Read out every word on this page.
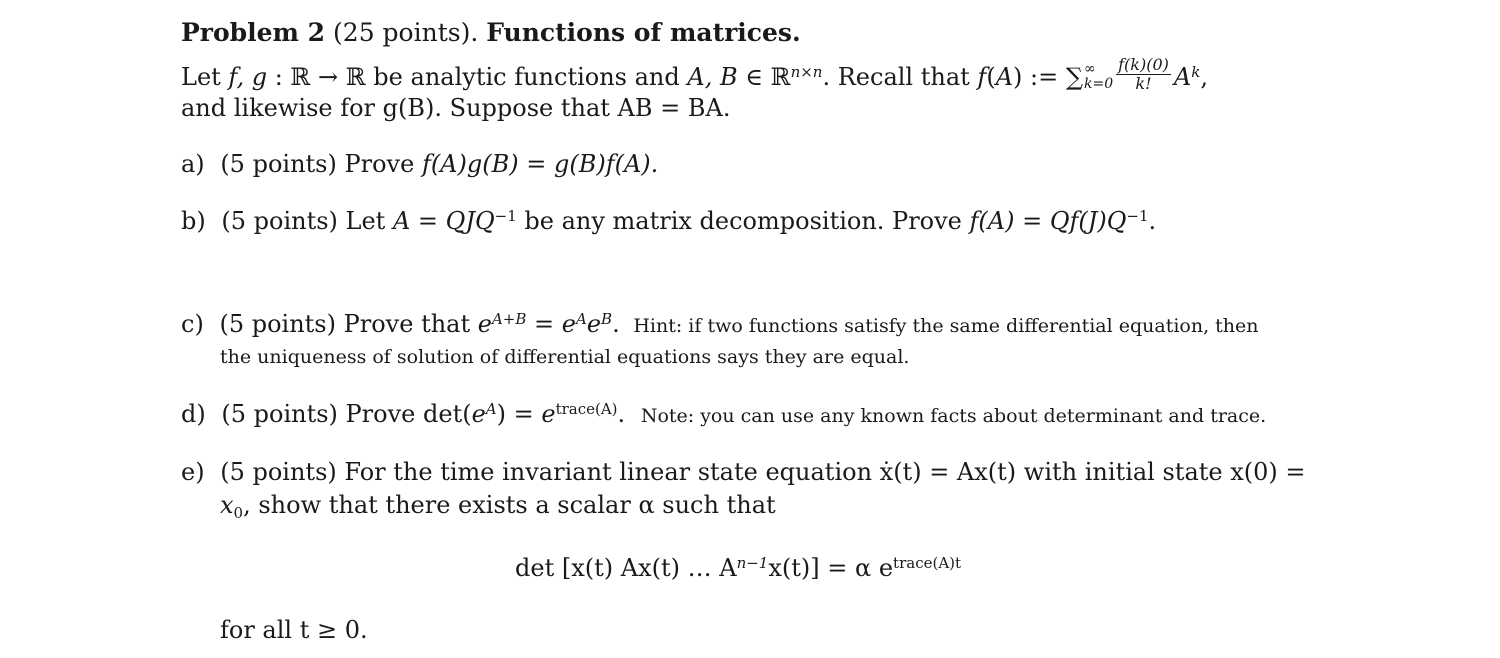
Problem 2 (25 points). Functions of matrices.
Let f, g : ℝ → ℝ be analytic functions and A, B ∈ ℝ$^{n\times n}$. Recall that f(A) := ∑ ∞
$k=0 \frac{f(k)(0)}{k!} A^k$,
and likewise for g(B). Suppose that AB = BA.
a) (5 points) Prove f(A)g(B) = g(B)f(A).
b) (5 points) Let $A = QJQ^{-1}$ be any matrix decomposition. Prove $f(A) = Qf(J)Q^{-1}$.
c) (5 points) Prove that $e^{A+B} = e^Ae^B$. Hint: if two functions satisfy the same differential equation, then
the uniqueness of solution of differential equations says they are equal.
d) (5 points) Prove $\det(e^A) = e^{trace(A)}$. Note: you can use any known facts about determinant and trace.
e) (5 points) For the time invariant linear state equation ẋ(t) = Ax(t) with initial state x(0) =
$x_0$, show that there exists a scalar α such that
det [x(t) Ax(t) … $A^{n-1}x(t)] = \alpha$ $e^{trace(A)t}$
for all t ≥ 0.
